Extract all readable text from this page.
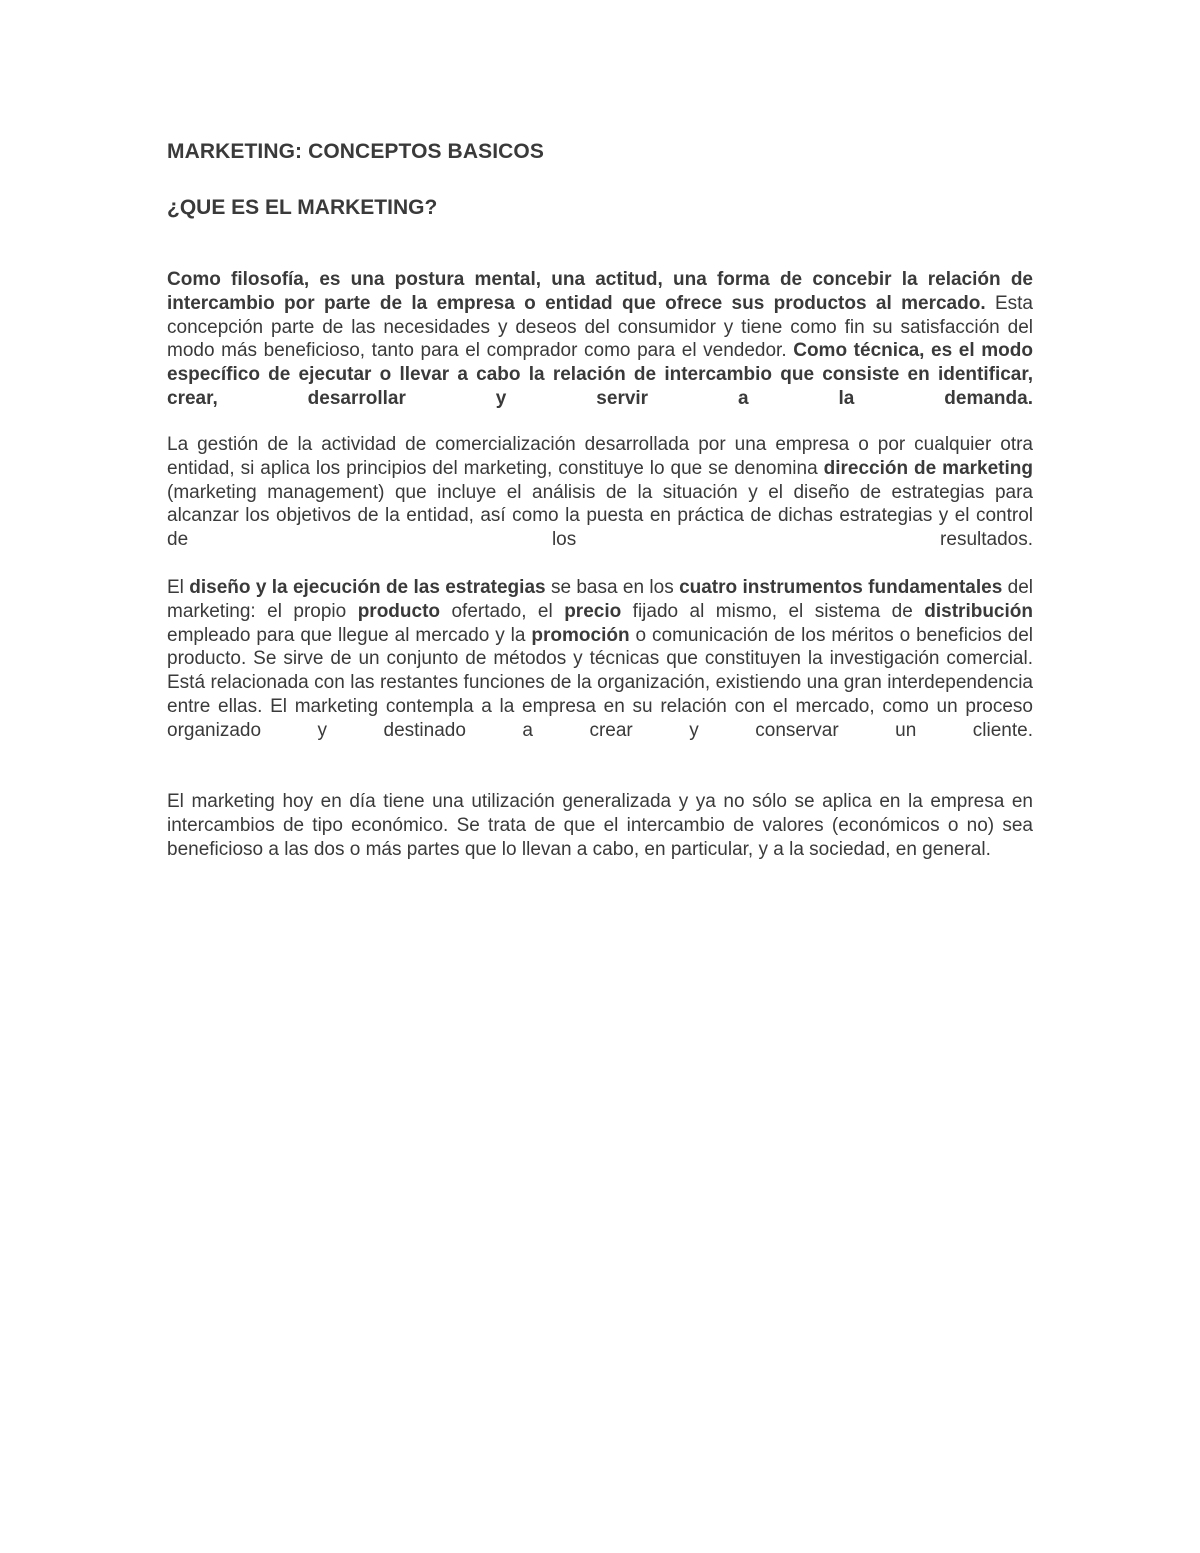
MARKETING: CONCEPTOS BASICOS
¿QUE ES EL MARKETING?

Como filosofía, es una postura mental, una actitud, una forma de concebir la relación de intercambio por parte de la empresa o entidad que ofrece sus productos al mercado. Esta concepción parte de las necesidades y deseos del consumidor y tiene como fin su satisfacción del modo más beneficioso, tanto para el comprador como para el vendedor. Como técnica, es el modo específico de ejecutar o llevar a cabo la relación de intercambio que consiste en identificar, crear, desarrollar y servir a la demanda.

La gestión de la actividad de comercialización desarrollada por una empresa o por cualquier otra entidad, si aplica los principios del marketing, constituye lo que se denomina dirección de marketing (marketing management) que incluye el análisis de la situación y el diseño de estrategias para alcanzar los objetivos de la entidad, así como la puesta en práctica de dichas estrategias y el control de los resultados.

El diseño y la ejecución de las estrategias se basa en los cuatro instrumentos fundamentales del marketing: el propio producto ofertado, el precio fijado al mismo, el sistema de distribución empleado para que llegue al mercado y la promoción o comunicación de los méritos o beneficios del producto. Se sirve de un conjunto de métodos y técnicas que constituyen la investigación comercial. Está relacionada con las restantes funciones de la organización, existiendo una gran interdependencia entre ellas. El marketing contempla a la empresa en su relación con el mercado, como un proceso organizado y destinado a crear y conservar un cliente.

El marketing hoy en día tiene una utilización generalizada y ya no sólo se aplica en la empresa en intercambios de tipo económico. Se trata de que el intercambio de valores (económicos o no) sea beneficioso a las dos o más partes que lo llevan a cabo, en particular, y a la sociedad, en general.
